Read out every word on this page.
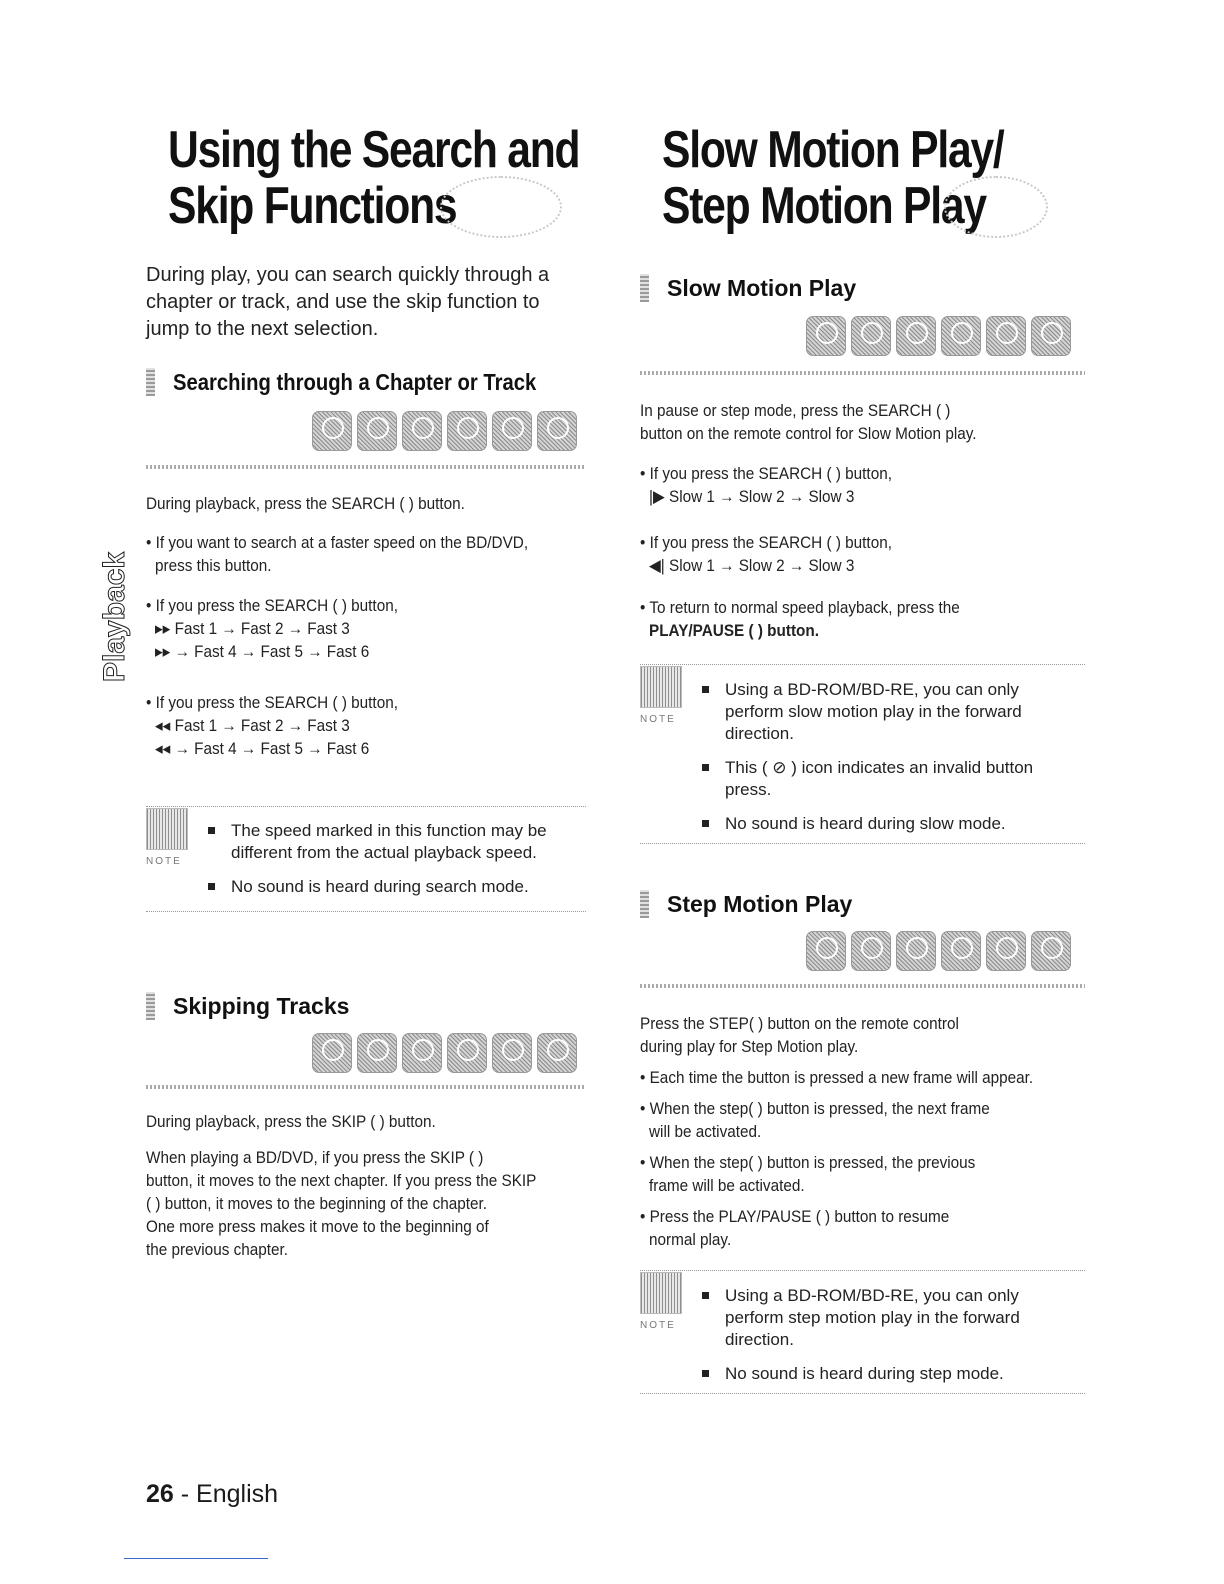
Using the Search and
Skip Functions
Slow Motion Play/
Step Motion Play
During play, you can search quickly through a
chapter or track, and use the skip function to
jump to the next selection.
Searching through a Chapter or Track
During playback, press the SEARCH ( ) button.
• If you want to search at a faster speed on the BD/DVD,
press this button.
• If you press the SEARCH ( ) button,
▸▸ Fast 1 → Fast 2 → Fast 3
▸▸ → Fast 4 → Fast 5 → Fast 6
• If you press the SEARCH ( ) button,
◂◂ Fast 1 → Fast 2 → Fast 3
◂◂ → Fast 4 → Fast 5 → Fast 6
NOTE
The speed marked in this function may be different from the actual playback speed.
No sound is heard during search mode.
Skipping Tracks
During playback, press the SKIP ( ) button.
When playing a BD/DVD, if you press the SKIP ( )
button, it moves to the next chapter. If you press the SKIP
( ) button, it moves to the beginning of the chapter.
One more press makes it move to the beginning of
the previous chapter.
Playback
Slow Motion Play
In pause or step mode, press the SEARCH ( )
button on the remote control for Slow Motion play.
• If you press the SEARCH ( ) button,
|▶ Slow 1 → Slow 2 → Slow 3
• If you press the SEARCH ( ) button,
◀| Slow 1 → Slow 2 → Slow 3
• To return to normal speed playback, press the
PLAY/PAUSE ( ) button.
NOTE
Using a BD-ROM/BD-RE, you can only perform slow motion play in the forward direction.
This ( ⊘ ) icon indicates an invalid button press.
No sound is heard during slow mode.
Step Motion Play
Press the STEP( ) button on the remote control
during play for Step Motion play.
• Each time the button is pressed a new frame will appear.
• When the step( ) button is pressed, the next frame
will be activated.
• When the step( ) button is pressed, the previous
frame will be activated.
• Press the PLAY/PAUSE ( ) button to resume
normal play.
NOTE
Using a BD-ROM/BD-RE, you can only perform step motion play in the forward direction.
No sound is heard during step mode.
26 - English
